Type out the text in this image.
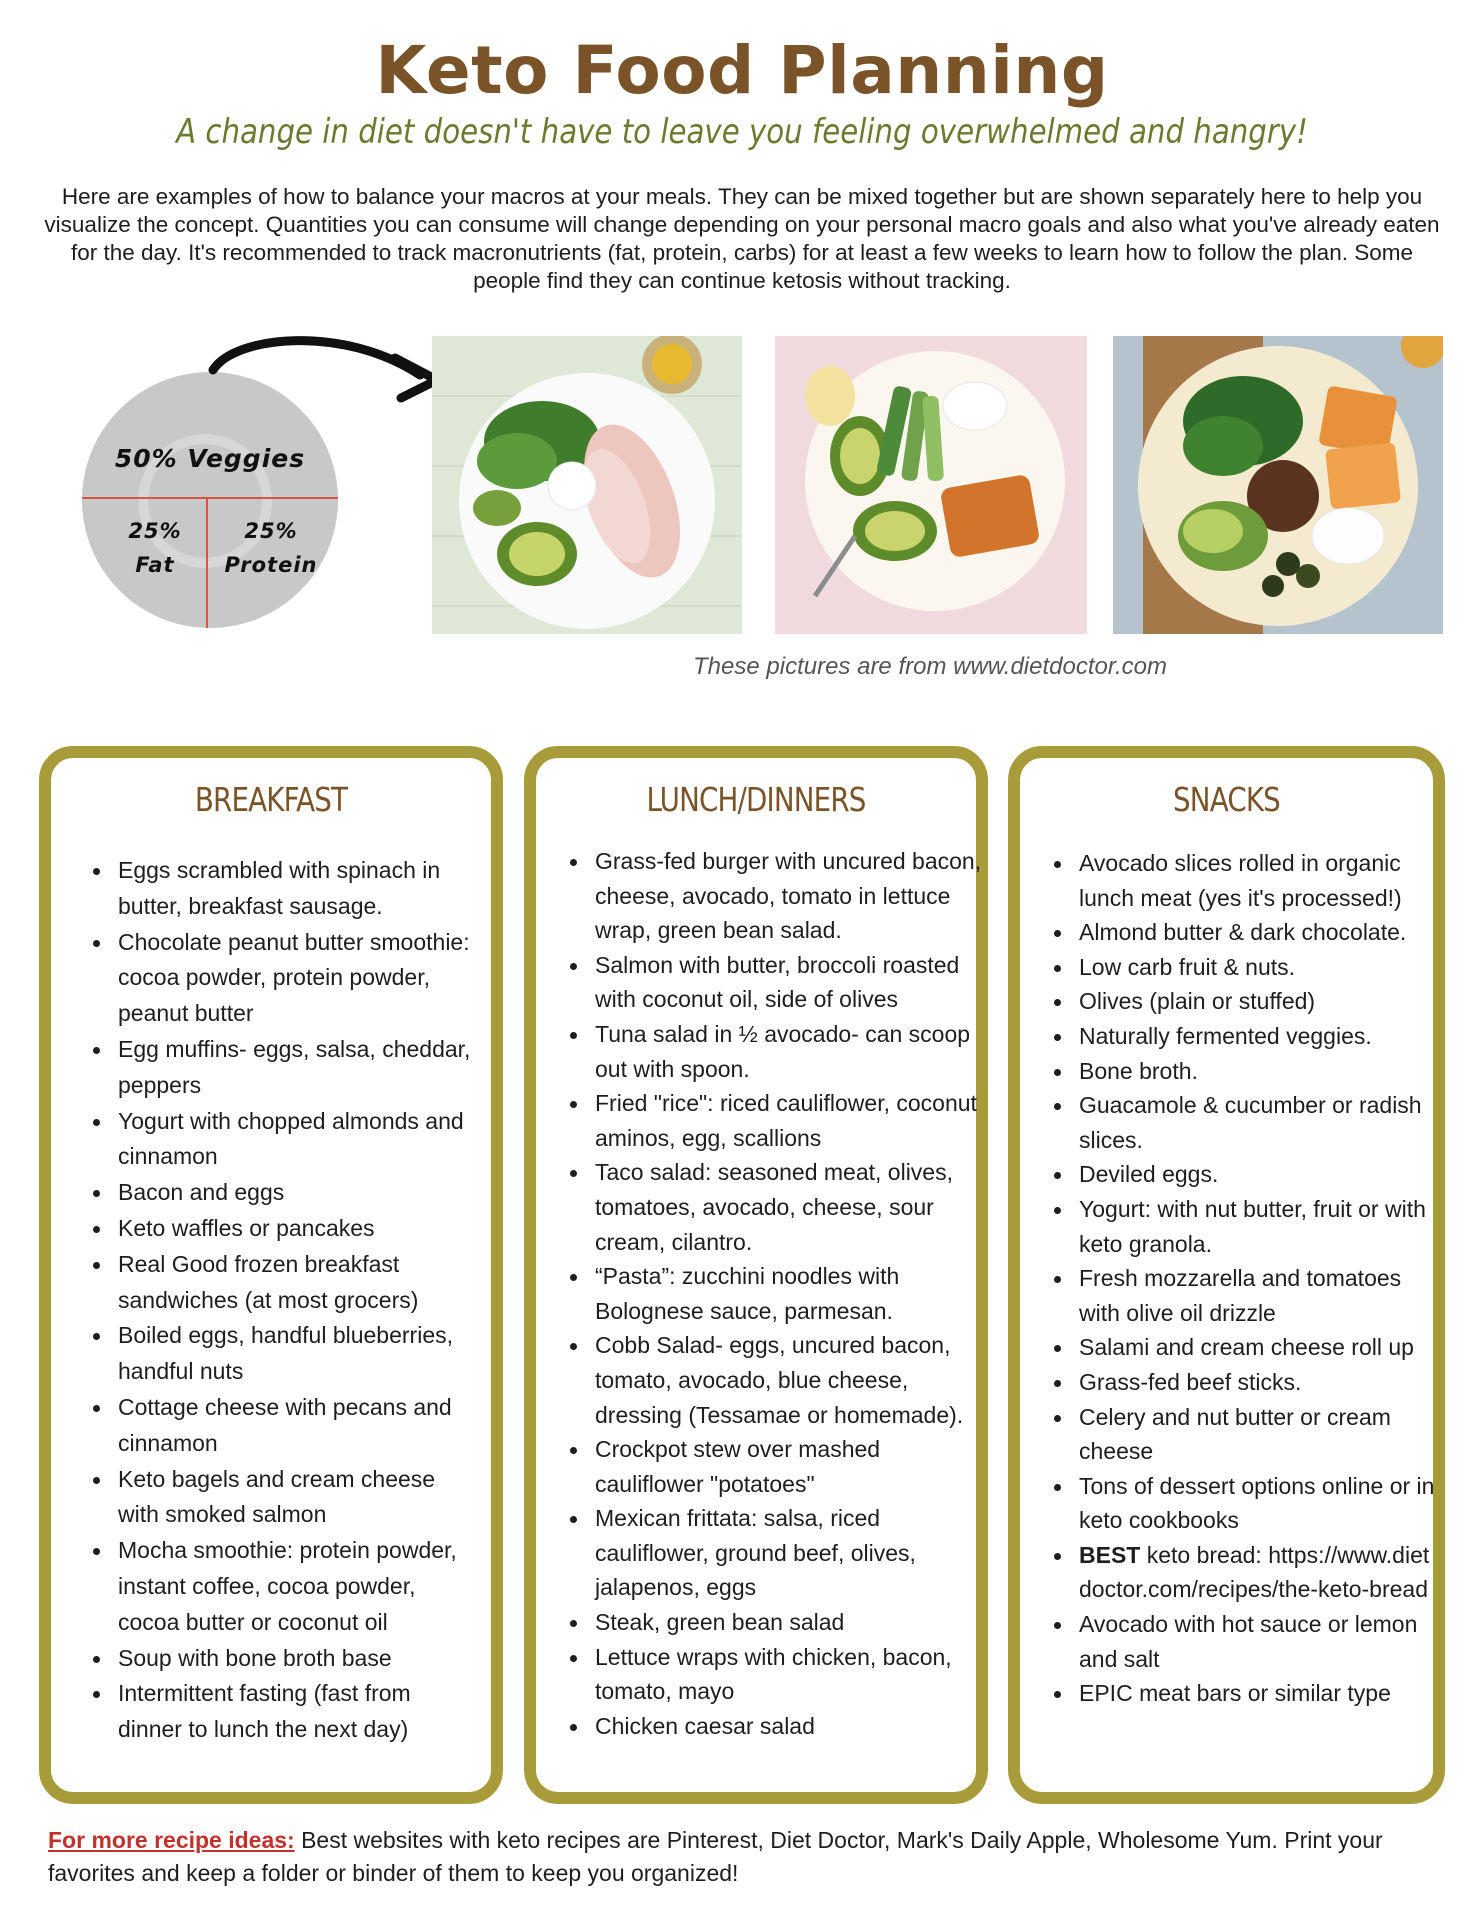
Keto Food Planning
A change in diet doesn't have to leave you feeling overwhelmed and hangry!
Here are examples of how to balance your macros at your meals. They can be mixed together but are shown separately here to help you visualize the concept. Quantities you can consume will change depending on your personal macro goals and also what you've already eaten for the day. It's recommended to track macronutrients (fat, protein, carbs) for at least a few weeks to learn how to follow the plan. Some people find they can continue ketosis without tracking.
50% Veggies
25%
Fat
25%
Protein
These pictures are from www.dietdoctor.com
BREAKFAST
Eggs scrambled with spinach in butter, breakfast sausage.
Chocolate peanut butter smoothie: cocoa powder, protein powder, peanut butter
Egg muffins- eggs, salsa, cheddar, peppers
Yogurt with chopped almonds and cinnamon
Bacon and eggs
Keto waffles or pancakes
Real Good frozen breakfast sandwiches (at most grocers)
Boiled eggs, handful blueberries, handful nuts
Cottage cheese with pecans and cinnamon
Keto bagels and cream cheese with smoked salmon
Mocha smoothie: protein powder, instant coffee, cocoa powder, cocoa butter or coconut oil
Soup with bone broth base
Intermittent fasting (fast from dinner to lunch the next day)
LUNCH/DINNERS
Grass-fed burger with uncured bacon, cheese, avocado, tomato in lettuce wrap, green bean salad.
Salmon with butter, broccoli roasted with coconut oil, side of olives
Tuna salad in ½ avocado- can scoop out with spoon.
Fried "rice": riced cauliflower, coconut aminos, egg, scallions
Taco salad: seasoned meat, olives, tomatoes, avocado, cheese, sour cream, cilantro.
“Pasta”: zucchini noodles with Bolognese sauce, parmesan.
Cobb Salad- eggs, uncured bacon, tomato, avocado, blue cheese, dressing (Tessamae or homemade).
Crockpot stew over mashed cauliflower "potatoes"
Mexican frittata: salsa, riced cauliflower, ground beef, olives, jalapenos, eggs
Steak, green bean salad
Lettuce wraps with chicken, bacon, tomato, mayo
Chicken caesar salad
SNACKS
Avocado slices rolled in organic lunch meat (yes it's processed!)
Almond butter & dark chocolate.
Low carb fruit & nuts.
Olives (plain or stuffed)
Naturally fermented veggies.
Bone broth.
Guacamole & cucumber or radish slices.
Deviled eggs.
Yogurt: with nut butter, fruit or with keto granola.
Fresh mozzarella and tomatoes with olive oil drizzle
Salami and cream cheese roll up
Grass-fed beef sticks.
Celery and nut butter or cream cheese
Tons of dessert options online or in keto cookbooks
BEST keto bread: https://www.dietdoctor.com/recipes/the-keto-bread
Avocado with hot sauce or lemon and salt
EPIC meat bars or similar type
For more recipe ideas: Best websites with keto recipes are Pinterest, Diet Doctor, Mark's Daily Apple, Wholesome Yum. Print your favorites and keep a folder or binder of them to keep you organized!
